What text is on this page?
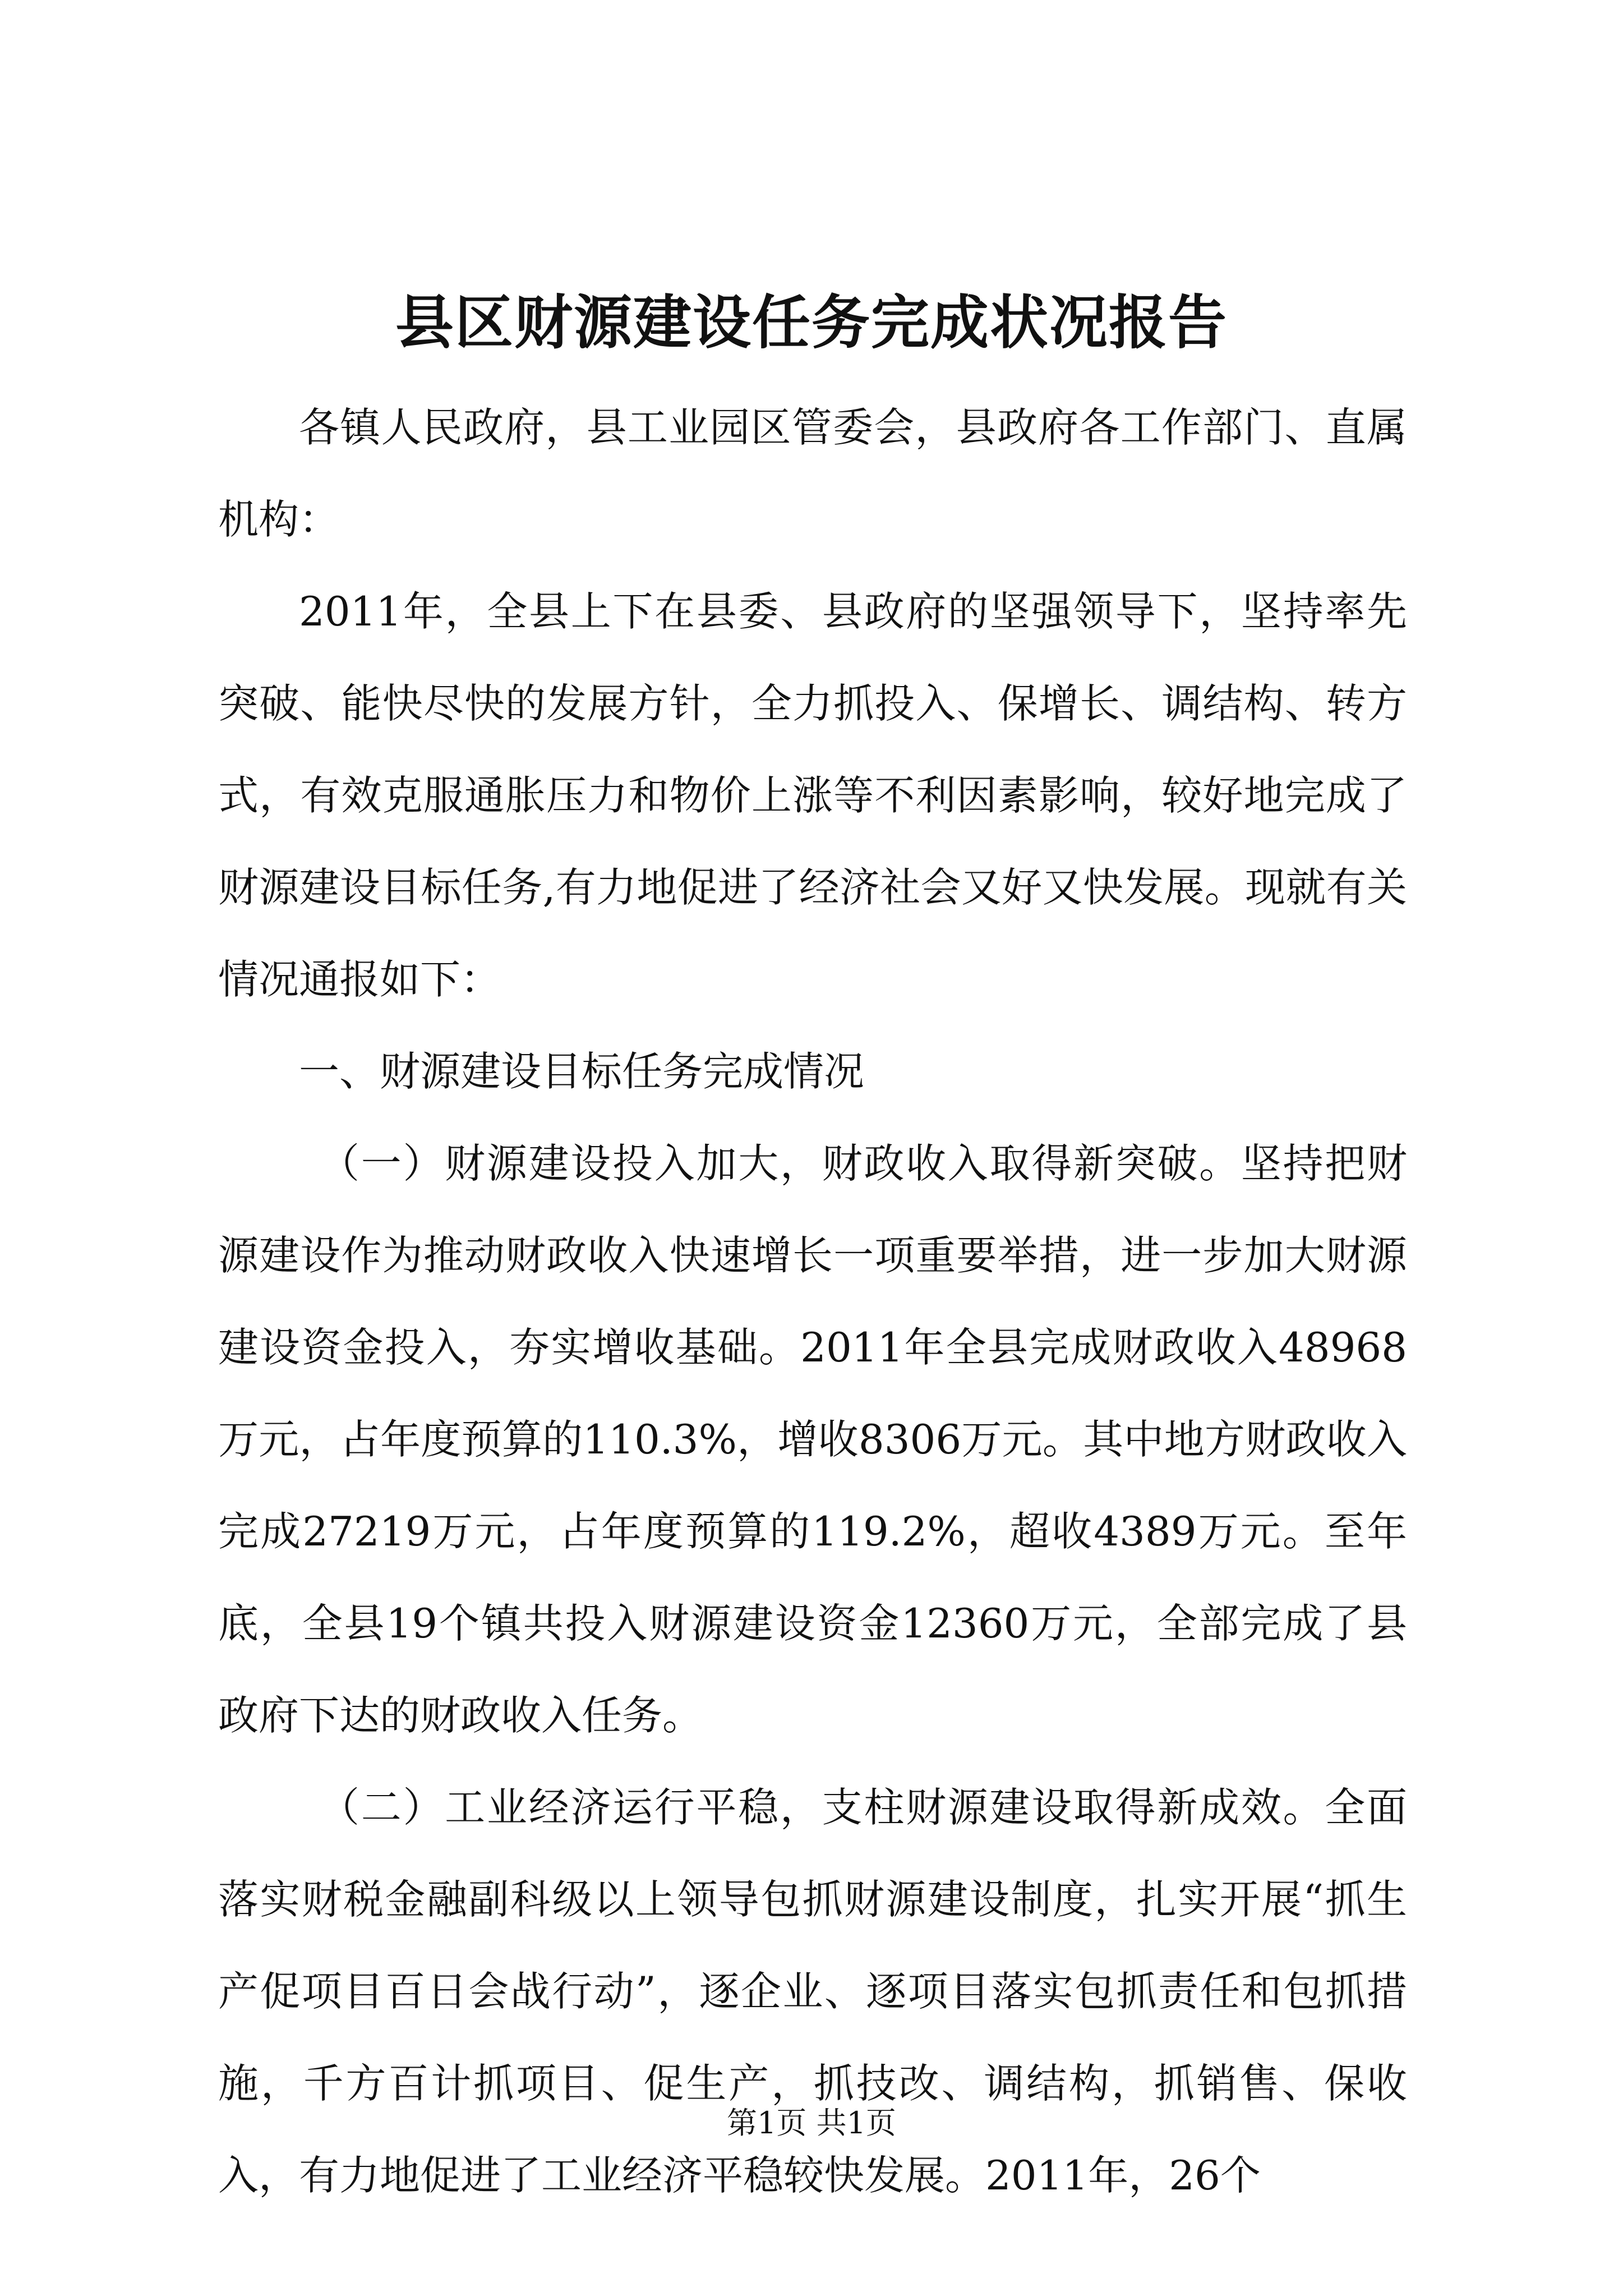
县区财源建设任务完成状况报告

各镇人民政府，县工业园区管委会，县政府各工作部门、直属机构：

2011年，全县上下在县委、县政府的坚强领导下，坚持率先突破、能快尽快的发展方针，全力抓投入、保增长、调结构、转方式，有效克服通胀压力和物价上涨等不利因素影响，较好地完成了财源建设目标任务,有力地促进了经济社会又好又快发展。现就有关情况通报如下：

一、财源建设目标任务完成情况

（一）财源建设投入加大，财政收入取得新突破。坚持把财源建设作为推动财政收入快速增长一项重要举措，进一步加大财源建设资金投入，夯实增收基础。2011年全县完成财政收入48968万元，占年度预算的110.3%，增收8306万元。其中地方财政收入完成27219万元，占年度预算的119.2%，超收4389万元。至年底，全县19个镇共投入财源建设资金12360万元，全部完成了县政府下达的财政收入任务。

（二）工业经济运行平稳，支柱财源建设取得新成效。全面落实财税金融副科级以上领导包抓财源建设制度，扎实开展“抓生产促项目百日会战行动”，逐企业、逐项目落实包抓责任和包抓措施，千方百计抓项目、促生产，抓技改、调结构，抓销售、保收入，有力地促进了工业经济平稳较快发展。2011年，26个

第1页 共1页
